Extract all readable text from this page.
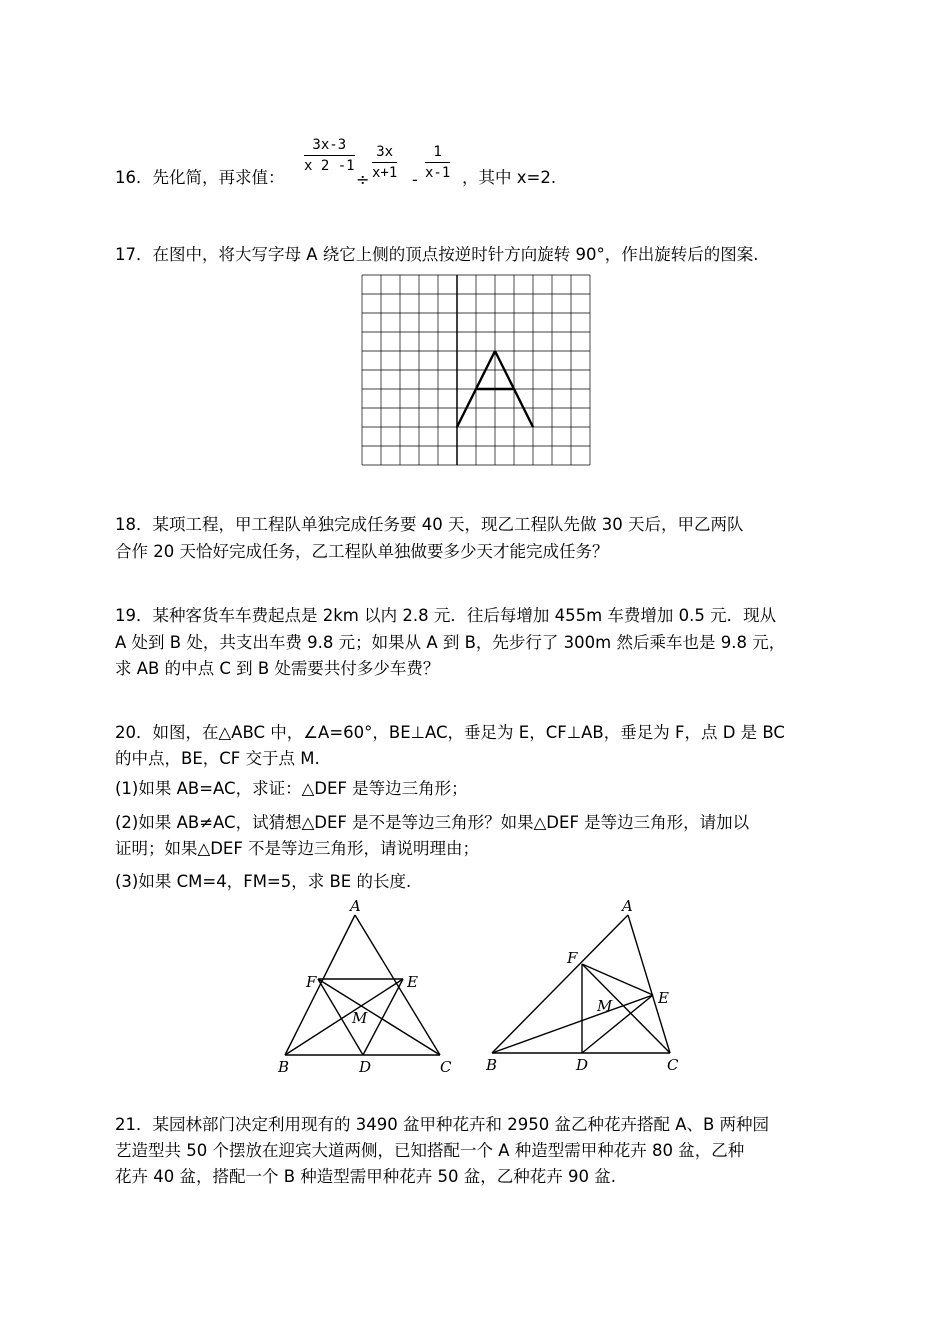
16．先化简，再求值：
$\frac{3x-3}{x 2 -1}$
÷ $\frac{3x}{x+1} - \frac{1}{x-1}$ ，其中 x=2.
17．在图中，将大写字母 A 绕它上侧的顶点按逆时针方向旋转 90°，作出旋转后的图案.
18．某项工程，甲工程队单独完成任务要 40 天，现乙工程队先做 30 天后，甲乙两队
合作 20 天恰好完成任务，乙工程队单独做要多少天才能完成任务？
19．某种客货车车费起点是 2km 以内 2.8 元．往后每增加 455m 车费增加 0.5 元．现从
A 处到 B 处，共支出车费 9.8 元；如果从 A 到 B，先步行了 300m 然后乘车也是 9.8 元，
求 AB 的中点 C 到 B 处需要共付多少车费？
20．如图，在△ABC 中，∠A=60°，BE⊥AC，垂足为 E，CF⊥AB，垂足为 F，点 D 是 BC
的中点，BE，CF 交于点 M.
(1)如果 AB=AC，求证：△DEF 是等边三角形；
(2)如果 AB≠AC，试猜想△DEF 是不是等边三角形？如果△DEF 是等边三角形，请加以
证明；如果△DEF 不是等边三角形，请说明理由；
(3)如果 CM=4，FM=5，求 BE 的长度.
A
B	C
D
E
F
M
A
B	C
D
E
F
M
21．某园林部门决定利用现有的 3490 盆甲种花卉和 2950 盆乙种花卉搭配 A、B 两种园
艺造型共 50 个摆放在迎宾大道两侧，已知搭配一个 A 种造型需甲种花卉 80 盆，乙种
花卉 40 盆，搭配一个 B 种造型需甲种花卉 50 盆，乙种花卉 90 盆.
